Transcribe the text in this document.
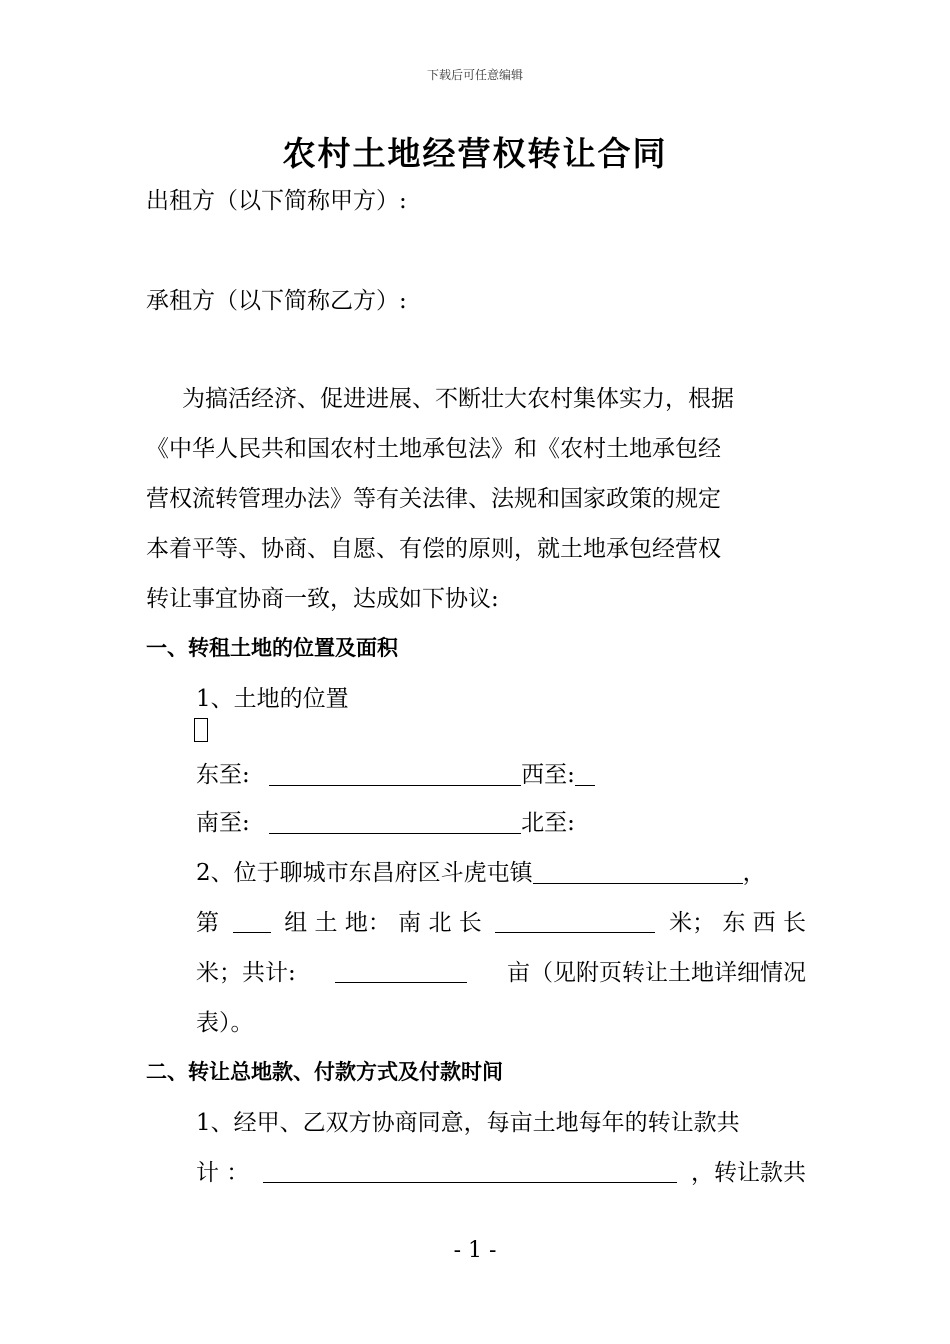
下载后可任意编辑
农村土地经营权转让合同
出租方（以下简称甲方）:
承租方（以下简称乙方）:
为搞活经济、促进进展、不断壮大农村集体实力，根据
《中华人民共和国农村土地承包法》和《农村土地承包经
营权流转管理办法》等有关法律、法规和国家政策的规定
本着平等、协商、自愿、有偿的原则，就土地承包经营权
转让事宜协商一致，达成如下协议:
一、转租土地的位置及面积
1、土地的位置
东至:	西至:
南至:	北至:
2、位于聊城市东昌府区斗虎屯镇	，
第	组 土 地： 南 北 长	米； 东 西 长
米；共计:	亩（见附页转让土地详细情况
表）。
二、转让总地款、付款方式及付款时间
1、经甲、乙双方协商同意，每亩土地每年的转让款共
计 ：	，转让款共
- 1 -
